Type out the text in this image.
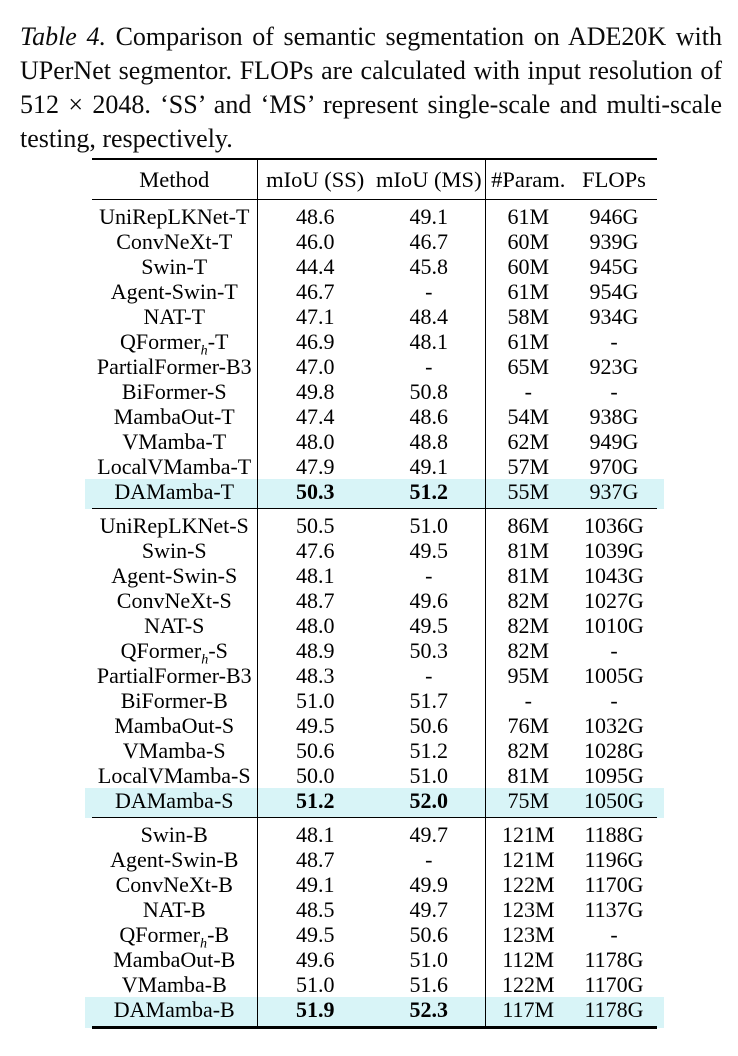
Table 4. Comparison of semantic segmentation on ADE20K with
UPerNet segmentor. FLOPs are calculated with input resolution of
512 × 2048. ‘SS’ and ‘MS’ represent single-scale and multi-scale
testing, respectively.
Method	mIoU (SS)	mIoU (MS)	#Param.	FLOPs
UniRepLKNet-T	48.6	49.1	61M	946G
ConvNeXt-T	46.0	46.7	60M	939G
Swin-T	44.4	45.8	60M	945G
Agent-Swin-T	46.7	-	61M	954G
NAT-T	47.1	48.4	58M	934G
QFormer$_h$-T	46.9	48.1	61M	-
PartialFormer-B3	47.0	-	65M	923G
BiFormer-S	49.8	50.8	-	-
MambaOut-T	47.4	48.6	54M	938G
VMamba-T	48.0	48.8	62M	949G
LocalVMamba-T	47.9	49.1	57M	970G
DAMamba-T	50.3	51.2	55M	937G
UniRepLKNet-S	50.5	51.0	86M	1036G
Swin-S	47.6	49.5	81M	1039G
Agent-Swin-S	48.1	-	81M	1043G
ConvNeXt-S	48.7	49.6	82M	1027G
NAT-S	48.0	49.5	82M	1010G
QFormer$_h$-S	48.9	50.3	82M	-
PartialFormer-B3	48.3	-	95M	1005G
BiFormer-B	51.0	51.7	-	-
MambaOut-S	49.5	50.6	76M	1032G
VMamba-S	50.6	51.2	82M	1028G
LocalVMamba-S	50.0	51.0	81M	1095G
DAMamba-S	51.2	52.0	75M	1050G
Swin-B	48.1	49.7	121M	1188G
Agent-Swin-B	48.7	-	121M	1196G
ConvNeXt-B	49.1	49.9	122M	1170G
NAT-B	48.5	49.7	123M	1137G
QFormer$_h$-B	49.5	50.6	123M	-
MambaOut-B	49.6	51.0	112M	1178G
VMamba-B	51.0	51.6	122M	1170G
DAMamba-B	51.9	52.3	117M	1178G
